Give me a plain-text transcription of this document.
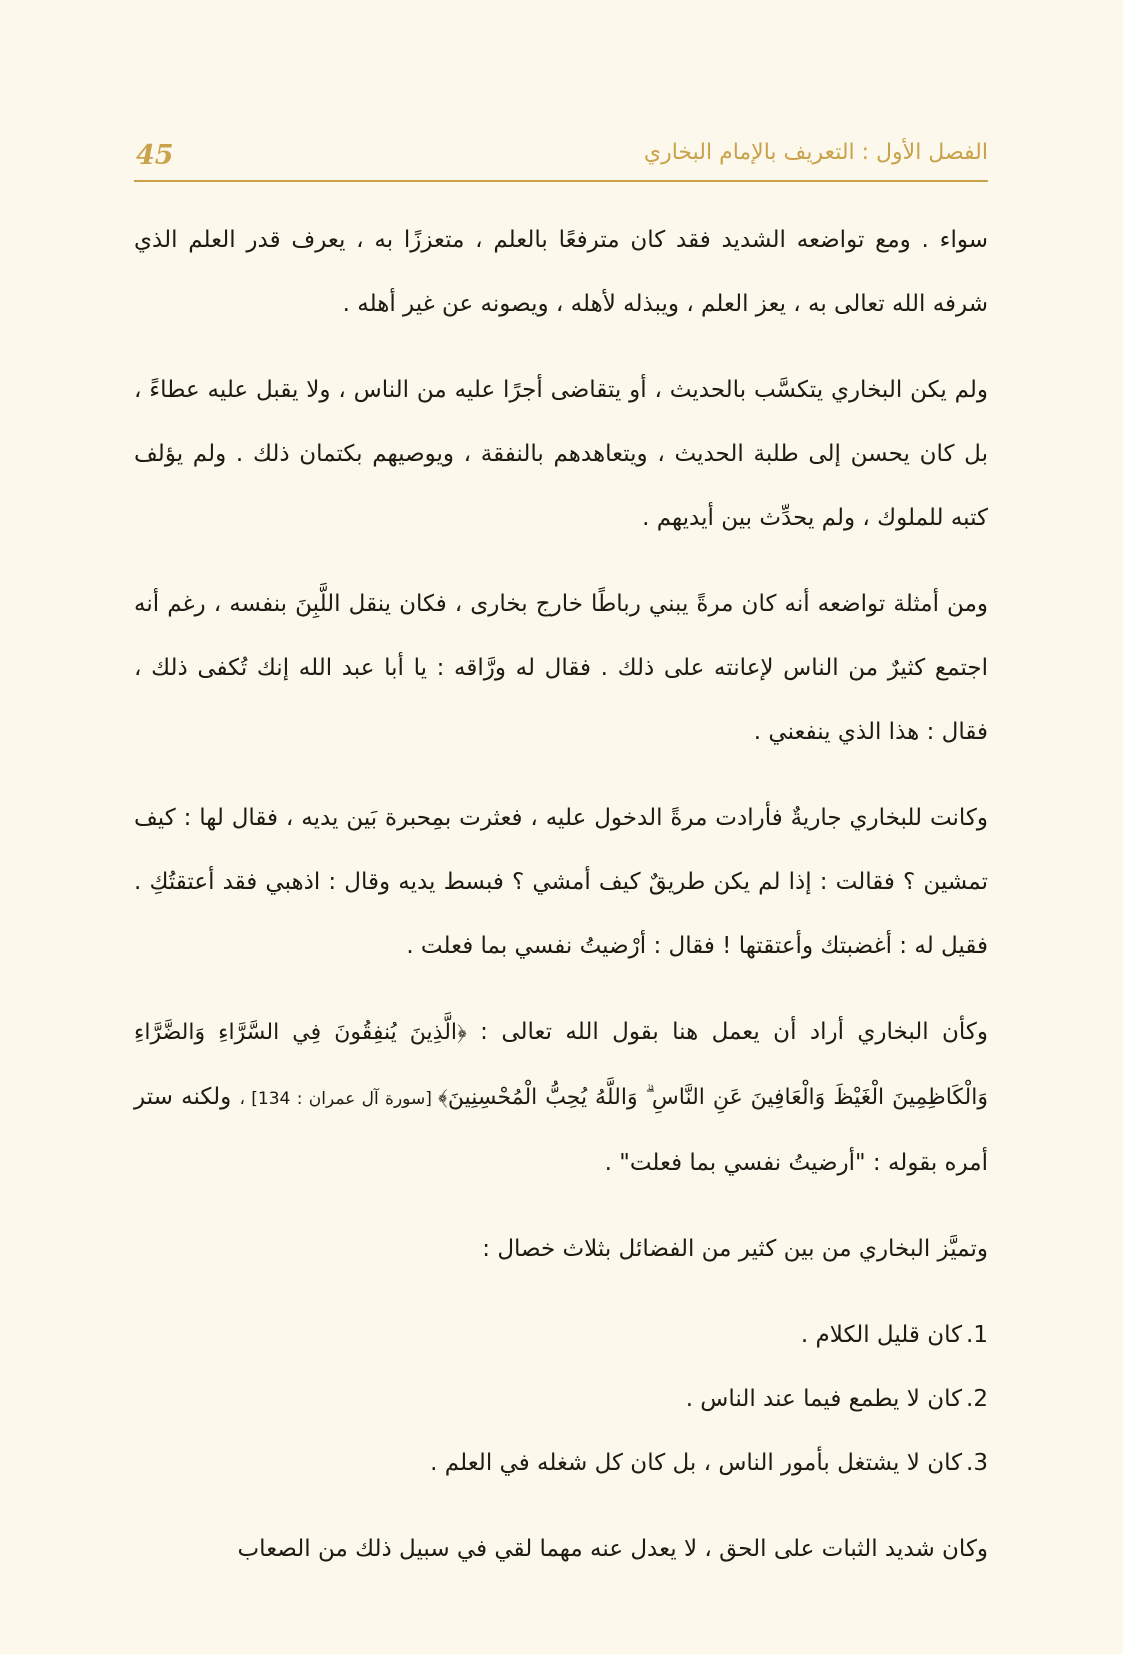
45	الفصل الأول : التعريف بالإمام البخاري

سواء . ومع تواضعه الشديد فقد كان مترفعًا بالعلم ، متعززًا به ، يعرف قدر العلم الذي شرفه الله تعالى به ، يعز العلم ، ويبذله لأهله ، ويصونه عن غير أهله .

ولم يكن البخاري يتكسَّب بالحديث ، أو يتقاضى أجرًا عليه من الناس ، ولا يقبل عليه عطاءً ، بل كان يحسن إلى طلبة الحديث ، ويتعاهدهم بالنفقة ، ويوصيهم بكتمان ذلك . ولم يؤلف كتبه للملوك ، ولم يحدِّث بين أيديهم .

ومن أمثلة تواضعه أنه كان مرةً يبني رباطًا خارج بخارى ، فكان ينقل اللَّبِنَ بنفسه ، رغم أنه اجتمع كثيرٌ من الناس لإعانته على ذلك . فقال له ورَّاقه : يا أبا عبد الله إنك تُكفى ذلك ، فقال : هذا الذي ينفعني .

وكانت للبخاري جاريةٌ فأرادت مرةً الدخول عليه ، فعثرت بمِحبرة بَين يديه ، فقال لها : كيف تمشين ؟ فقالت : إذا لم يكن طريقٌ كيف أمشي ؟ فبسط يديه وقال : اذهبي فقد أعتقتُكِ . فقيل له : أغضبتك وأعتقتها ! فقال : أرْضيتُ نفسي بما فعلت .

وكأن البخاري أراد أن يعمل هنا بقول الله تعالى : ﴿الَّذِينَ يُنفِقُونَ فِي السَّرَّاءِ وَالضَّرَّاءِ وَالْكَاظِمِينَ الْغَيْظَ وَالْعَافِينَ عَنِ النَّاسِ ۗ وَاللَّهُ يُحِبُّ الْمُحْسِنِينَ﴾ [سورة آل عمران : 134] ، ولكنه ستر أمره بقوله : "أرضيتُ نفسي بما فعلت" .

وتميَّز البخاري من بين كثير من الفضائل بثلاث خصال :

1.كان قليل الكلام .
2.كان لا يطمع فيما عند الناس .
3.كان لا يشتغل بأمور الناس ، بل كان كل شغله في العلم .

وكان شديد الثبات على الحق ، لا يعدل عنه مهما لقي في سبيل ذلك من الصعاب
